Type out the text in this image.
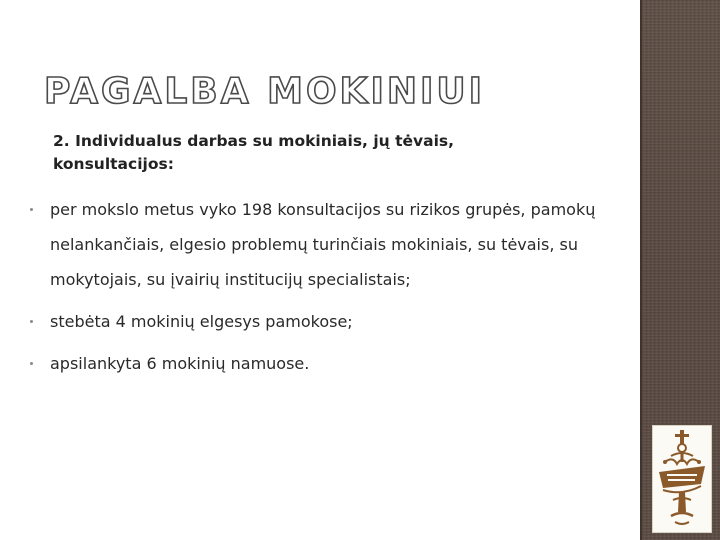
PAGALBA MOKINIUI

2. Individualus darbas su mokiniais, jų tėvais, konsultacijos:

per mokslo metus vyko 198 konsultacijos su rizikos grupės, pamokų nelankančiais, elgesio problemų turinčiais mokiniais, su tėvais, su mokytojais, su įvairių institucijų specialistais;
stebėta 4 mokinių elgesys pamokose;
apsilankyta 6 mokinių namuose.
